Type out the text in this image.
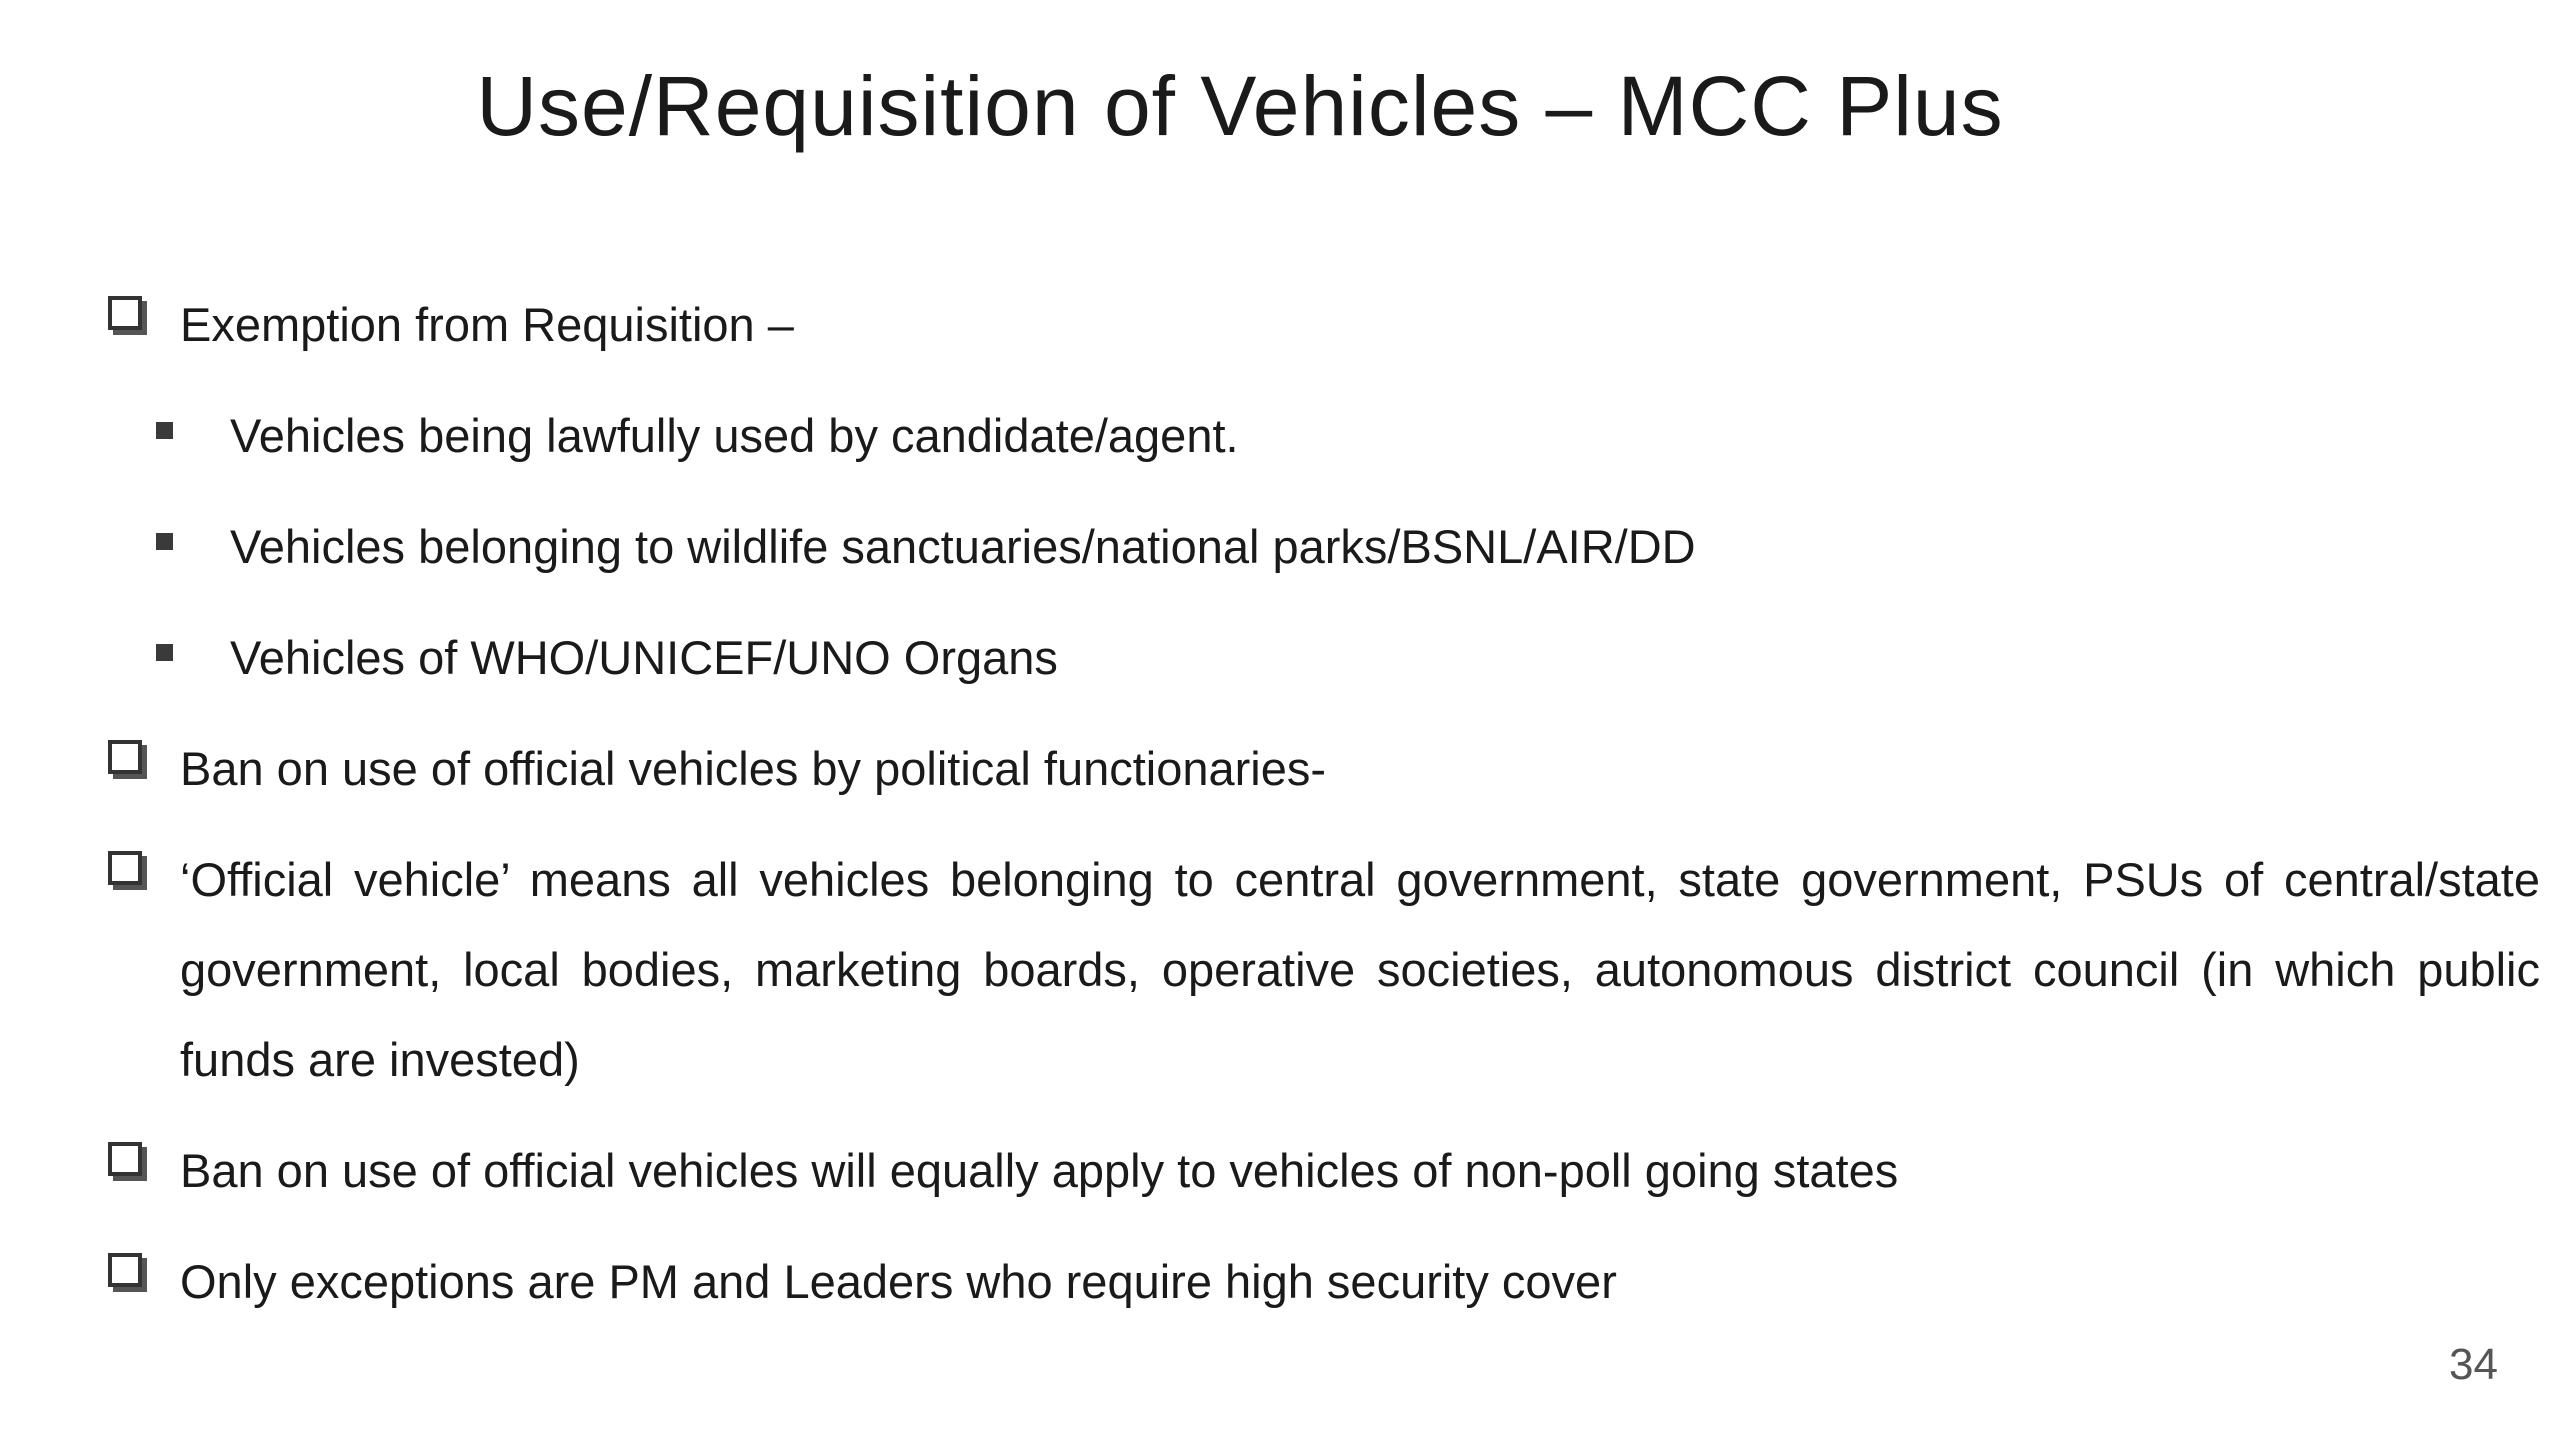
Use/Requisition of Vehicles – MCC Plus
Exemption from Requisition –
Vehicles being lawfully used by candidate/agent.
Vehicles belonging to wildlife sanctuaries/national parks/BSNL/AIR/DD
Vehicles of WHO/UNICEF/UNO Organs
Ban on use of official vehicles by political functionaries-
‘Official vehicle’ means all vehicles belonging to central government, state government, PSUs of central/state government, local bodies, marketing boards, operative societies, autonomous district council (in which public funds are invested)
Ban on use of official vehicles will equally apply to vehicles of non-poll going states
Only exceptions are PM and Leaders who require high security cover
34
